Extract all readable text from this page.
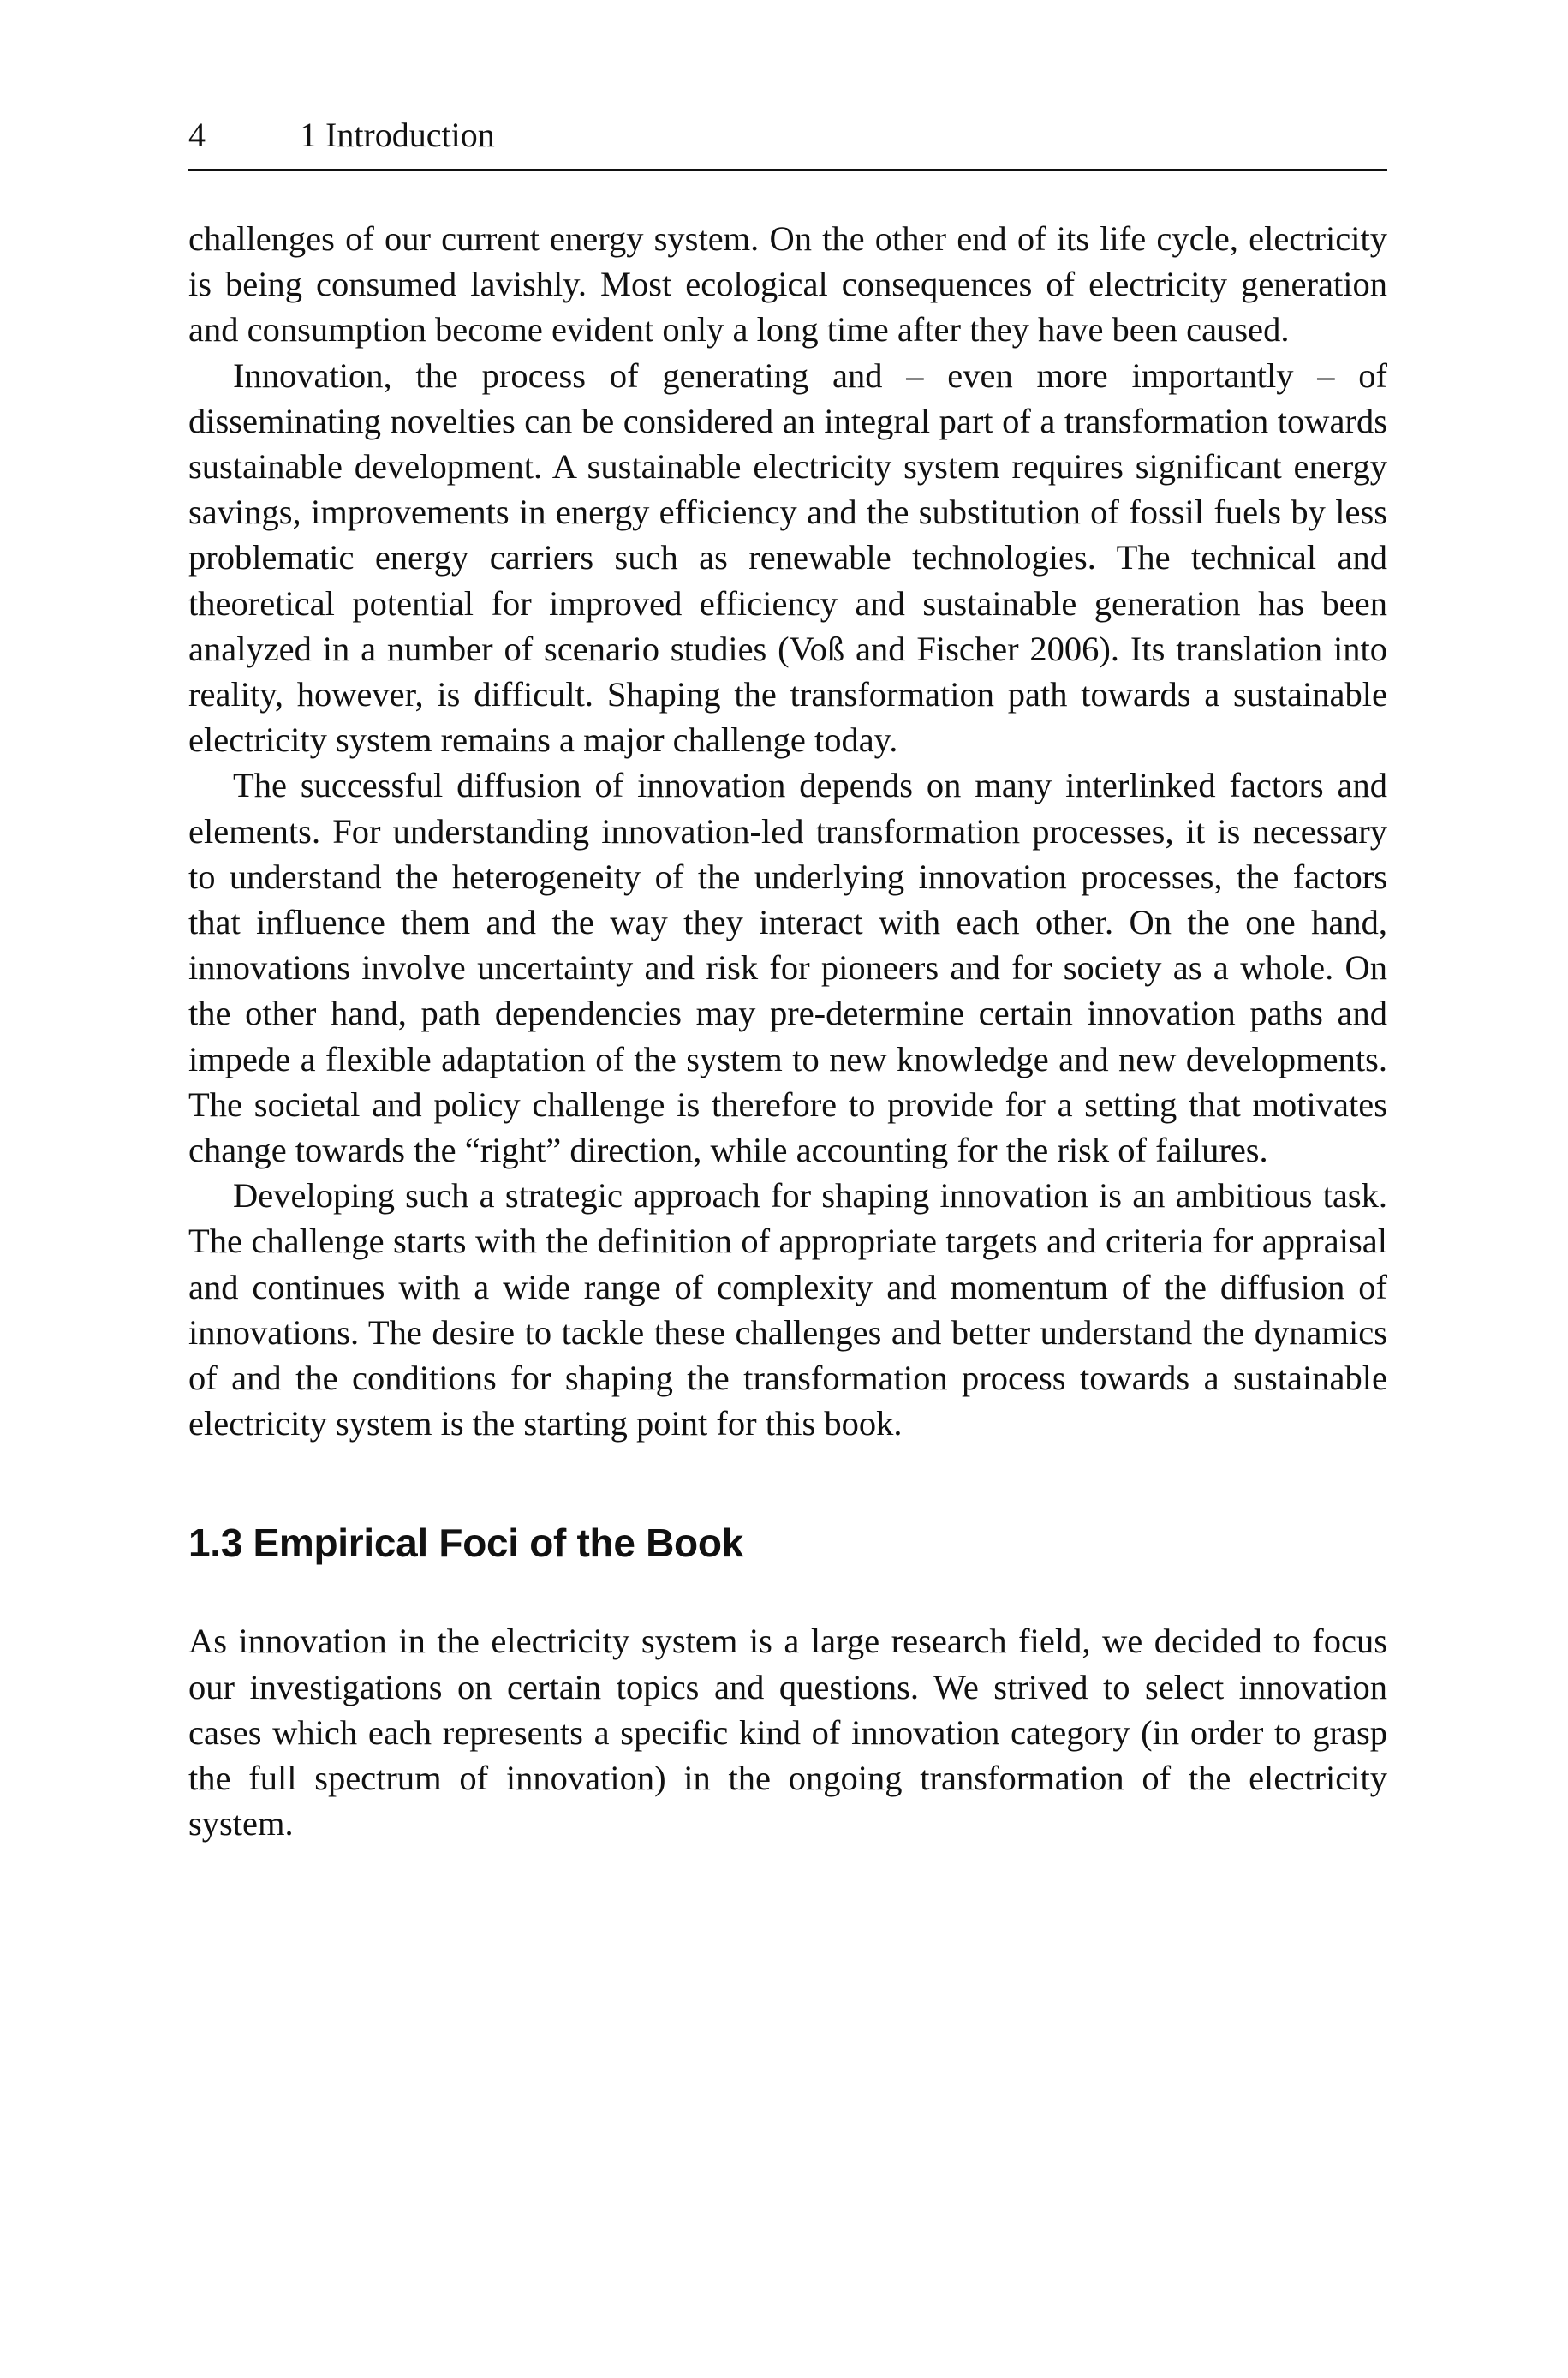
4	1 Introduction

challenges of our current energy system. On the other end of its life cycle, electricity is being consumed lavishly. Most ecological consequences of electricity generation and consumption become evident only a long time after they have been caused.

Innovation, the process of generating and – even more importantly – of disseminating novelties can be considered an integral part of a transformation towards sustainable development. A sustainable electricity system requires significant energy savings, improvements in energy efficiency and the substitution of fossil fuels by less problematic energy carriers such as renewable technologies. The technical and theoretical potential for improved efficiency and sustainable generation has been analyzed in a number of scenario studies (Voß and Fischer 2006). Its translation into reality, however, is difficult. Shaping the transformation path towards a sustainable electricity system remains a major challenge today.

The successful diffusion of innovation depends on many interlinked factors and elements. For understanding innovation-led transformation processes, it is necessary to understand the heterogeneity of the underlying innovation processes, the factors that influence them and the way they interact with each other. On the one hand, innovations involve uncertainty and risk for pioneers and for society as a whole. On the other hand, path dependencies may pre-determine certain innovation paths and impede a flexible adaptation of the system to new knowledge and new developments. The societal and policy challenge is therefore to provide for a setting that motivates change towards the “right” direction, while accounting for the risk of failures.

Developing such a strategic approach for shaping innovation is an ambitious task. The challenge starts with the definition of appropriate targets and criteria for appraisal and continues with a wide range of complexity and momentum of the diffusion of innovations. The desire to tackle these challenges and better understand the dynamics of and the conditions for shaping the transformation process towards a sustainable electricity system is the starting point for this book.

1.3 Empirical Foci of the Book

As innovation in the electricity system is a large research field, we decided to focus our investigations on certain topics and questions. We strived to select innovation cases which each represents a specific kind of innovation category (in order to grasp the full spectrum of innovation) in the ongoing transformation of the electricity system.
